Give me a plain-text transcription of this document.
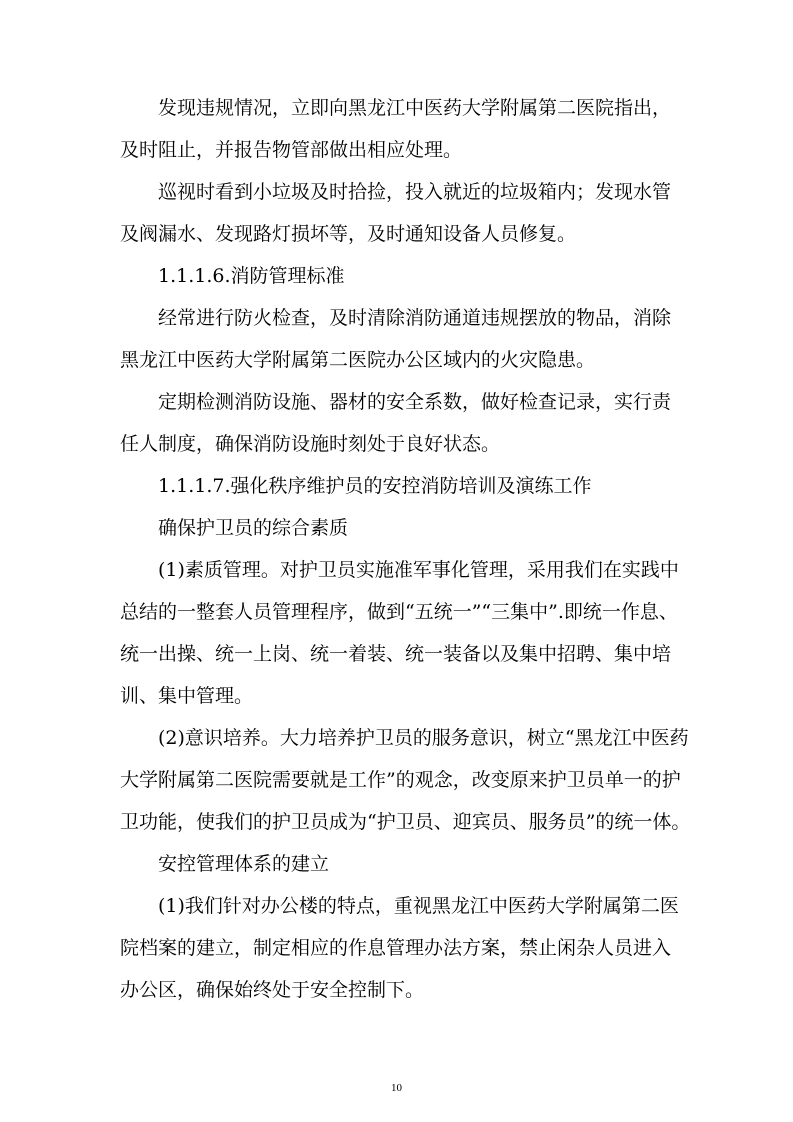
发现违规情况，立即向黑龙江中医药大学附属第二医院指出，
及时阻止，并报告物管部做出相应处理。
巡视时看到小垃圾及时拾捡，投入就近的垃圾箱内；发现水管
及阀漏水、发现路灯损坏等，及时通知设备人员修复。
1.1.1.6.消防管理标准
经常进行防火检查，及时清除消防通道违规摆放的物品，消除
黑龙江中医药大学附属第二医院办公区域内的火灾隐患。
定期检测消防设施、器材的安全系数，做好检查记录，实行责
任人制度，确保消防设施时刻处于良好状态。
1.1.1.7.强化秩序维护员的安控消防培训及演练工作
确保护卫员的综合素质
(1)素质管理。对护卫员实施准军事化管理，采用我们在实践中
总结的一整套人员管理程序，做到“五统一”“三集中”.即统一作息、
统一出操、统一上岗、统一着装、统一装备以及集中招聘、集中培
训、集中管理。
(2)意识培养。大力培养护卫员的服务意识，树立“黑龙江中医药
大学附属第二医院需要就是工作”的观念，改变原来护卫员单一的护
卫功能，使我们的护卫员成为“护卫员、迎宾员、服务员”的统一体。
安控管理体系的建立
(1)我们针对办公楼的特点，重视黑龙江中医药大学附属第二医
院档案的建立，制定相应的作息管理办法方案，禁止闲杂人员进入
办公区，确保始终处于安全控制下。
10
